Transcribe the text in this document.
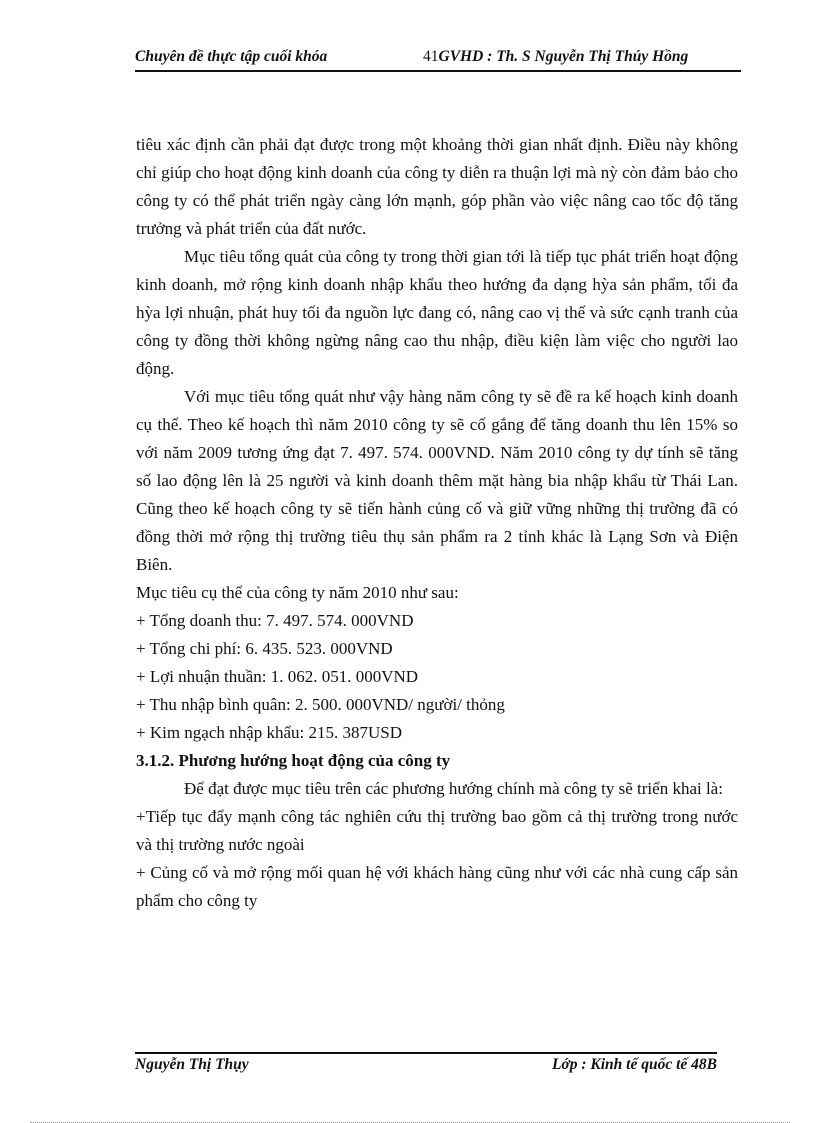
Chuyên đề thực tập cuối khóa	41GVHD : Th. S Nguyễn Thị Thúy Hồng

tiêu xác định cần phải đạt được trong một khoảng thời gian nhất định. Điều này không chỉ giúp cho hoạt động kinh doanh của công ty diễn ra thuận lợi mà nỳ còn đảm bảo cho công ty có thể phát triển ngày càng lớn mạnh, góp phần vào việc nâng cao tốc độ tăng trưởng và phát triển của đất nước.

Mục tiêu tổng quát của công ty trong thời gian tới là tiếp tục phát triển hoạt động kinh doanh, mở rộng kinh doanh nhập khẩu theo hướng đa dạng hỳa sản phẩm, tối đa hỳa lợi nhuận, phát huy tối đa nguồn lực đang có, nâng cao vị thế và sức cạnh tranh của công ty đồng thời không ngừng nâng cao thu nhập, điều kiện làm việc cho người lao động.

Với mục tiêu tổng quát như vậy hàng năm công ty sẽ đề ra kế hoạch kinh doanh cụ thể. Theo kế hoạch thì năm 2010 công ty sẽ cố gắng để tăng doanh thu lên 15% so với năm 2009 tương ứng đạt 7. 497. 574. 000VND. Năm 2010 công ty dự tính sẽ tăng số lao động lên là 25 người và kinh doanh thêm mặt hàng bia nhập khẩu từ Thái Lan. Cũng theo kế hoạch công ty sẽ tiến hành củng cố và giữ vững những thị trường đã có đồng thời mở rộng thị trường tiêu thụ sản phẩm ra 2 tỉnh khác là Lạng Sơn và Điện Biên.

Mục tiêu cụ thể của công ty năm 2010 như sau:

+ Tổng doanh thu: 7. 497. 574. 000VND

+ Tổng chi phí: 6. 435. 523. 000VND

+ Lợi nhuận thuần: 1. 062. 051. 000VND

+ Thu nhập bình quân: 2. 500. 000VND/ người/ thỏng

+ Kim ngạch nhập khẩu: 215. 387USD

3.1.2. Phương hướng hoạt động của công ty

Để đạt được mục tiêu trên các phương hướng chính mà công ty sẽ triển khai là:

+Tiếp tục đẩy mạnh công tác nghiên cứu thị trường bao gồm cả thị trường trong nước và thị trường nước ngoài

+ Củng cố và mở rộng mối quan hệ với khách hàng cũng như với các nhà cung cấp sản phẩm cho công ty

Nguyễn Thị Thụy	Lớp : Kinh tế quốc tế 48B
